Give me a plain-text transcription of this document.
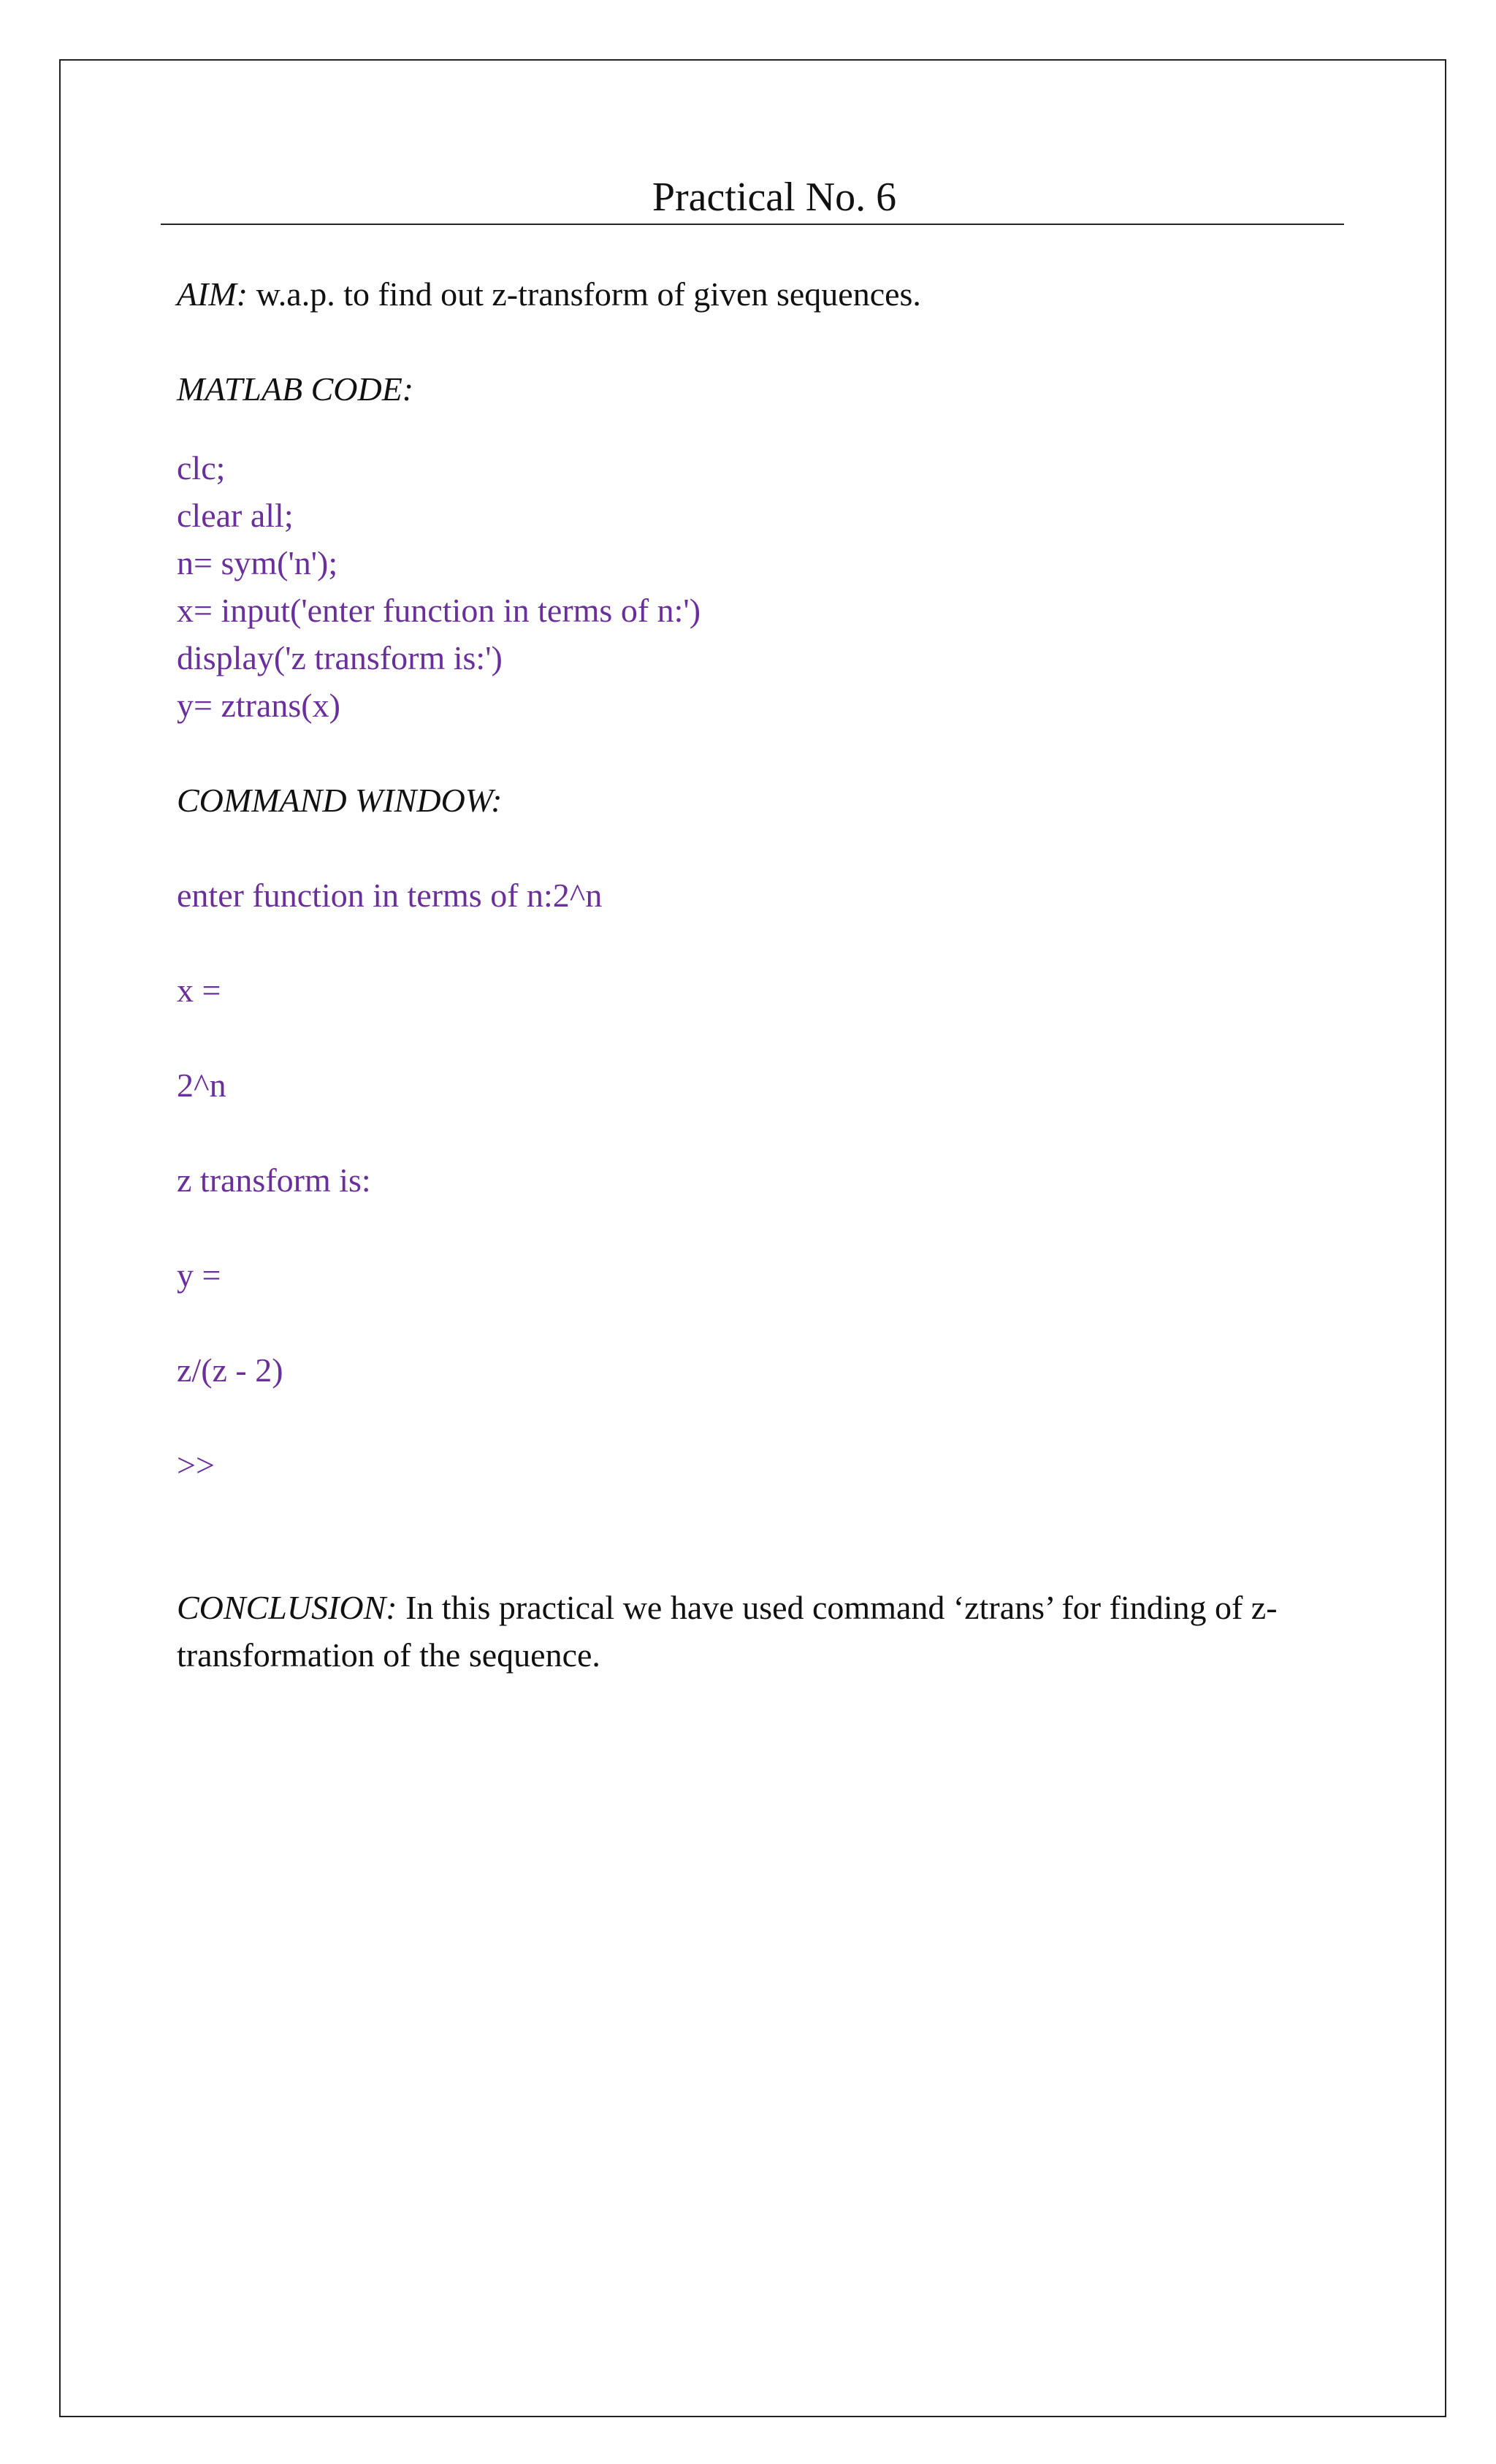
Practical No. 6
AIM: w.a.p. to find out z-transform of given sequences.
MATLAB CODE:
clc;
clear all;
n= sym('n');
x= input('enter function in terms of n:')
display('z transform is:')
y= ztrans(x)
COMMAND WINDOW:
enter function in terms of n:2^n
x =
2^n
z transform is:
y =
z/(z - 2)
>>
CONCLUSION: In this practical we have used command ‘ztrans’ for finding of z-transformation of the sequence.
